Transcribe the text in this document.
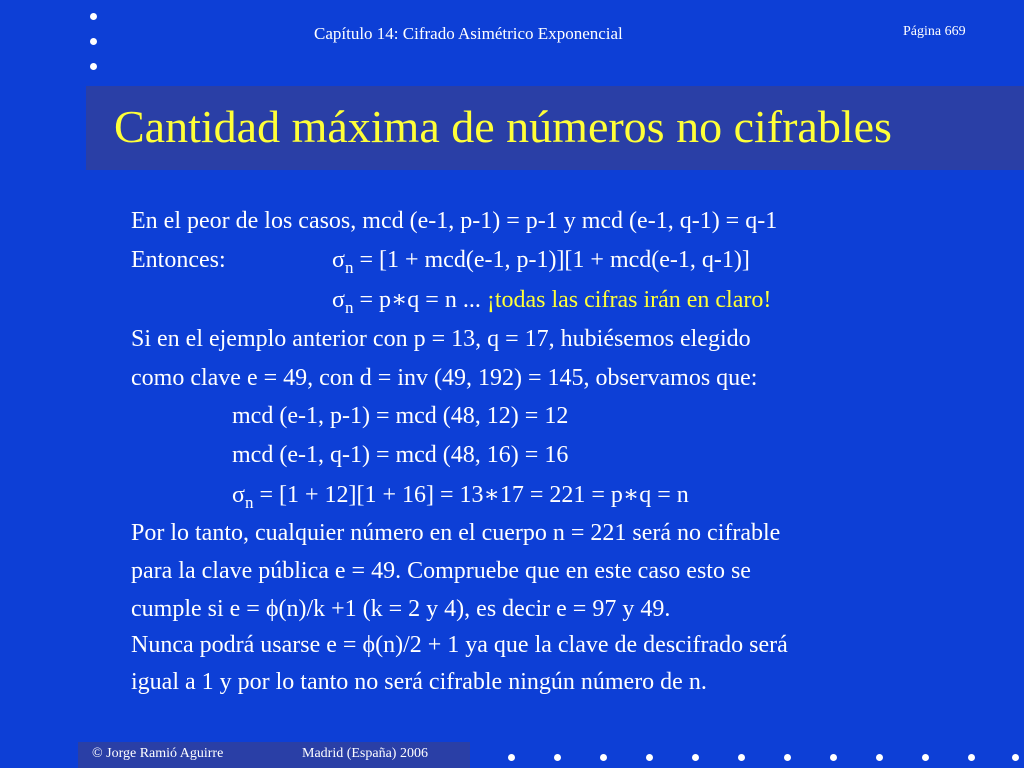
Capítulo 14: Cifrado Asimétrico Exponencial	Página 669
Cantidad máxima de números no cifrables
En el peor de los casos, mcd (e-1, p-1) = p-1 y mcd (e-1, q-1) = q-1
Entonces:	$\sigma_n = [1 + mcd(e-1$, p-1)][1 + mcd(e-1, q-1)]
$\sigma_n$ = p∗q = n ... ¡todas las cifras irán en claro!
Si en el ejemplo anterior con p = 13, q = 17, hubiésemos elegido
como clave e = 49, con d = inv (49, 192) = 145, observamos que:
mcd (e-1, p-1) = mcd (48, 12) = 12
mcd (e-1, q-1) = mcd (48, 16) = 16
$\sigma_n = [1 + 12][1 + 16]$ = 13∗17 = 221 = p∗q = n
Por lo tanto, cualquier número en el cuerpo n = 221 será no cifrable
para la clave pública e = 49. Compruebe que en este caso esto se
cumple si e = ϕ(n)/k +1 (k = 2 y 4), es decir e = 97 y 49.
Nunca podrá usarse e = ϕ(n)/2 + 1 ya que la clave de descifrado será
igual a 1 y por lo tanto no será cifrable ningún número de n.
© Jorge Ramió Aguirre	Madrid (España) 2006
